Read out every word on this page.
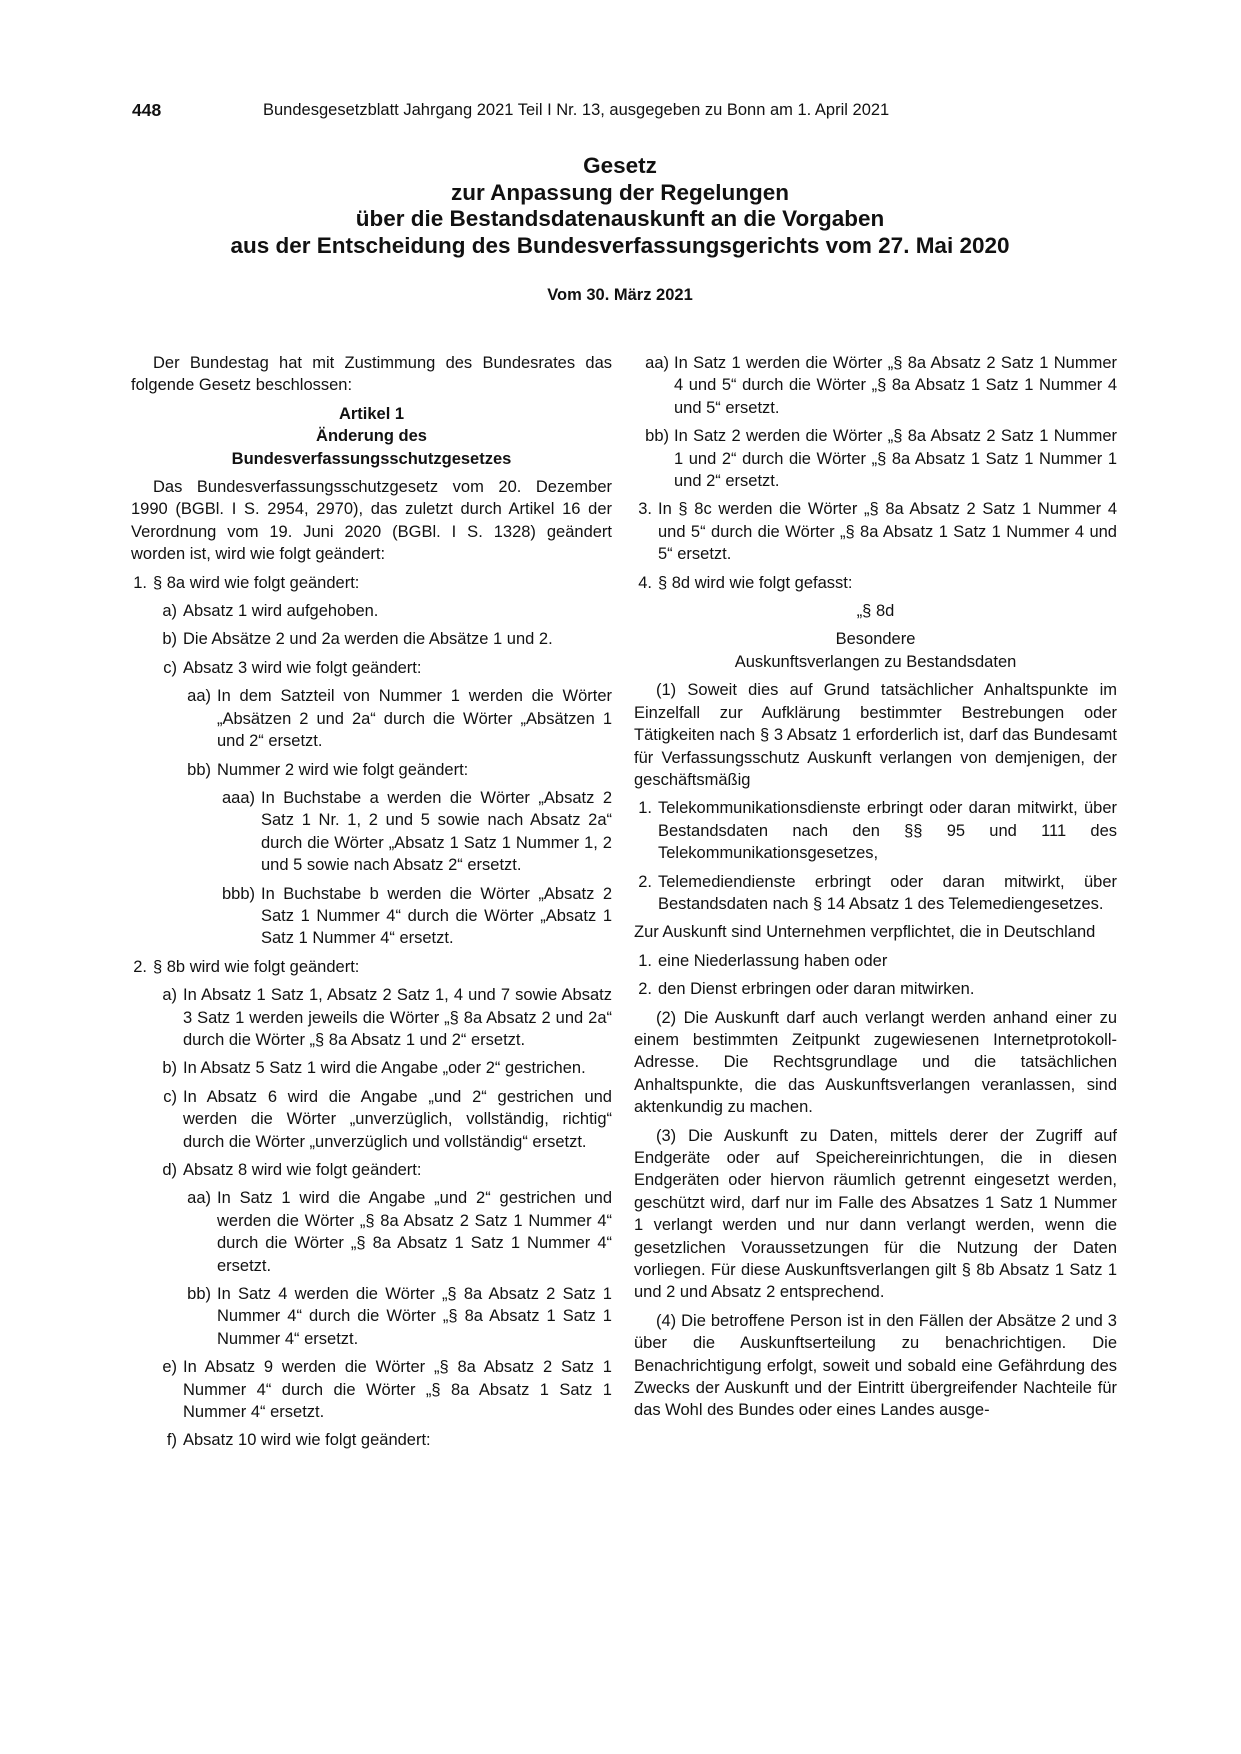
448	Bundesgesetzblatt Jahrgang 2021 Teil I Nr. 13, ausgegeben zu Bonn am 1. April 2021
Gesetz
zur Anpassung der Regelungen
über die Bestandsdatenauskunft an die Vorgaben
aus der Entscheidung des Bundesverfassungsgerichts vom 27. Mai 2020
Vom 30. März 2021

Der Bundestag hat mit Zustimmung des Bundesrates das folgende Gesetz beschlossen:

Artikel 1

Änderung des

Bundesverfassungsschutzgesetzes

Das Bundesverfassungsschutzgesetz vom 20. Dezember 1990 (BGBl. I S. 2954, 2970), das zuletzt durch Artikel 16 der Verordnung vom 19. Juni 2020 (BGBl. I S. 1328) geändert worden ist, wird wie folgt geändert:

1. § 8a wird wie folgt geändert:
a) Absatz 1 wird aufgehoben.
b) Die Absätze 2 und 2a werden die Absätze 1 und 2.
c) Absatz 3 wird wie folgt geändert:
aa) In dem Satzteil von Nummer 1 werden die Wörter „Absätzen 2 und 2a“ durch die Wörter „Absätzen 1 und 2“ ersetzt.
bb) Nummer 2 wird wie folgt geändert:
aaa) In Buchstabe a werden die Wörter „Absatz 2 Satz 1 Nr. 1, 2 und 5 sowie nach Absatz 2a“ durch die Wörter „Absatz 1 Satz 1 Nummer 1, 2 und 5 sowie nach Absatz 2“ ersetzt.
bbb) In Buchstabe b werden die Wörter „Absatz 2 Satz 1 Nummer 4“ durch die Wörter „Absatz 1 Satz 1 Nummer 4“ ersetzt.
2. § 8b wird wie folgt geändert:
a) In Absatz 1 Satz 1, Absatz 2 Satz 1, 4 und 7 sowie Absatz 3 Satz 1 werden jeweils die Wörter „§ 8a Absatz 2 und 2a“ durch die Wörter „§ 8a Absatz 1 und 2“ ersetzt.
b) In Absatz 5 Satz 1 wird die Angabe „oder 2“ gestrichen.
c) In Absatz 6 wird die Angabe „und 2“ gestrichen und werden die Wörter „unverzüglich, vollständig, richtig“ durch die Wörter „unverzüglich und vollständig“ ersetzt.
d) Absatz 8 wird wie folgt geändert:
aa) In Satz 1 wird die Angabe „und 2“ gestrichen und werden die Wörter „§ 8a Absatz 2 Satz 1 Nummer 4“ durch die Wörter „§ 8a Absatz 1 Satz 1 Nummer 4“ ersetzt.
bb) In Satz 4 werden die Wörter „§ 8a Absatz 2 Satz 1 Nummer 4“ durch die Wörter „§ 8a Absatz 1 Satz 1 Nummer 4“ ersetzt.
e) In Absatz 9 werden die Wörter „§ 8a Absatz 2 Satz 1 Nummer 4“ durch die Wörter „§ 8a Absatz 1 Satz 1 Nummer 4“ ersetzt.
f) Absatz 10 wird wie folgt geändert:
aa) In Satz 1 werden die Wörter „§ 8a Absatz 2 Satz 1 Nummer 4 und 5“ durch die Wörter „§ 8a Absatz 1 Satz 1 Nummer 4 und 5“ ersetzt.
bb) In Satz 2 werden die Wörter „§ 8a Absatz 2 Satz 1 Nummer 1 und 2“ durch die Wörter „§ 8a Absatz 1 Satz 1 Nummer 1 und 2“ ersetzt.
3. In § 8c werden die Wörter „§ 8a Absatz 2 Satz 1 Nummer 4 und 5“ durch die Wörter „§ 8a Absatz 1 Satz 1 Nummer 4 und 5“ ersetzt.
4. § 8d wird wie folgt gefasst:

„§ 8d

Besondere

Auskunftsverlangen zu Bestandsdaten

(1) Soweit dies auf Grund tatsächlicher Anhaltspunkte im Einzelfall zur Aufklärung bestimmter Bestrebungen oder Tätigkeiten nach § 3 Absatz 1 erforderlich ist, darf das Bundesamt für Verfassungsschutz Auskunft verlangen von demjenigen, der geschäftsmäßig

1. Telekommunikationsdienste erbringt oder daran mitwirkt, über Bestandsdaten nach den §§ 95 und 111 des Telekommunikationsgesetzes,
2. Telemediendienste erbringt oder daran mitwirkt, über Bestandsdaten nach § 14 Absatz 1 des Telemediengesetzes.

Zur Auskunft sind Unternehmen verpflichtet, die in Deutschland

1. eine Niederlassung haben oder
2. den Dienst erbringen oder daran mitwirken.

(2) Die Auskunft darf auch verlangt werden anhand einer zu einem bestimmten Zeitpunkt zugewiesenen Internetprotokoll-Adresse. Die Rechtsgrundlage und die tatsächlichen Anhaltspunkte, die das Auskunftsverlangen veranlassen, sind aktenkundig zu machen.

(3) Die Auskunft zu Daten, mittels derer der Zugriff auf Endgeräte oder auf Speichereinrichtungen, die in diesen Endgeräten oder hiervon räumlich getrennt eingesetzt werden, geschützt wird, darf nur im Falle des Absatzes 1 Satz 1 Nummer 1 verlangt werden und nur dann verlangt werden, wenn die gesetzlichen Voraussetzungen für die Nutzung der Daten vorliegen. Für diese Auskunftsverlangen gilt § 8b Absatz 1 Satz 1 und 2 und Absatz 2 entsprechend.

(4) Die betroffene Person ist in den Fällen der Absätze 2 und 3 über die Auskunftserteilung zu benachrichtigen. Die Benachrichtigung erfolgt, soweit und sobald eine Gefährdung des Zwecks der Auskunft und der Eintritt übergreifender Nachteile für das Wohl des Bundes oder eines Landes ausge-
